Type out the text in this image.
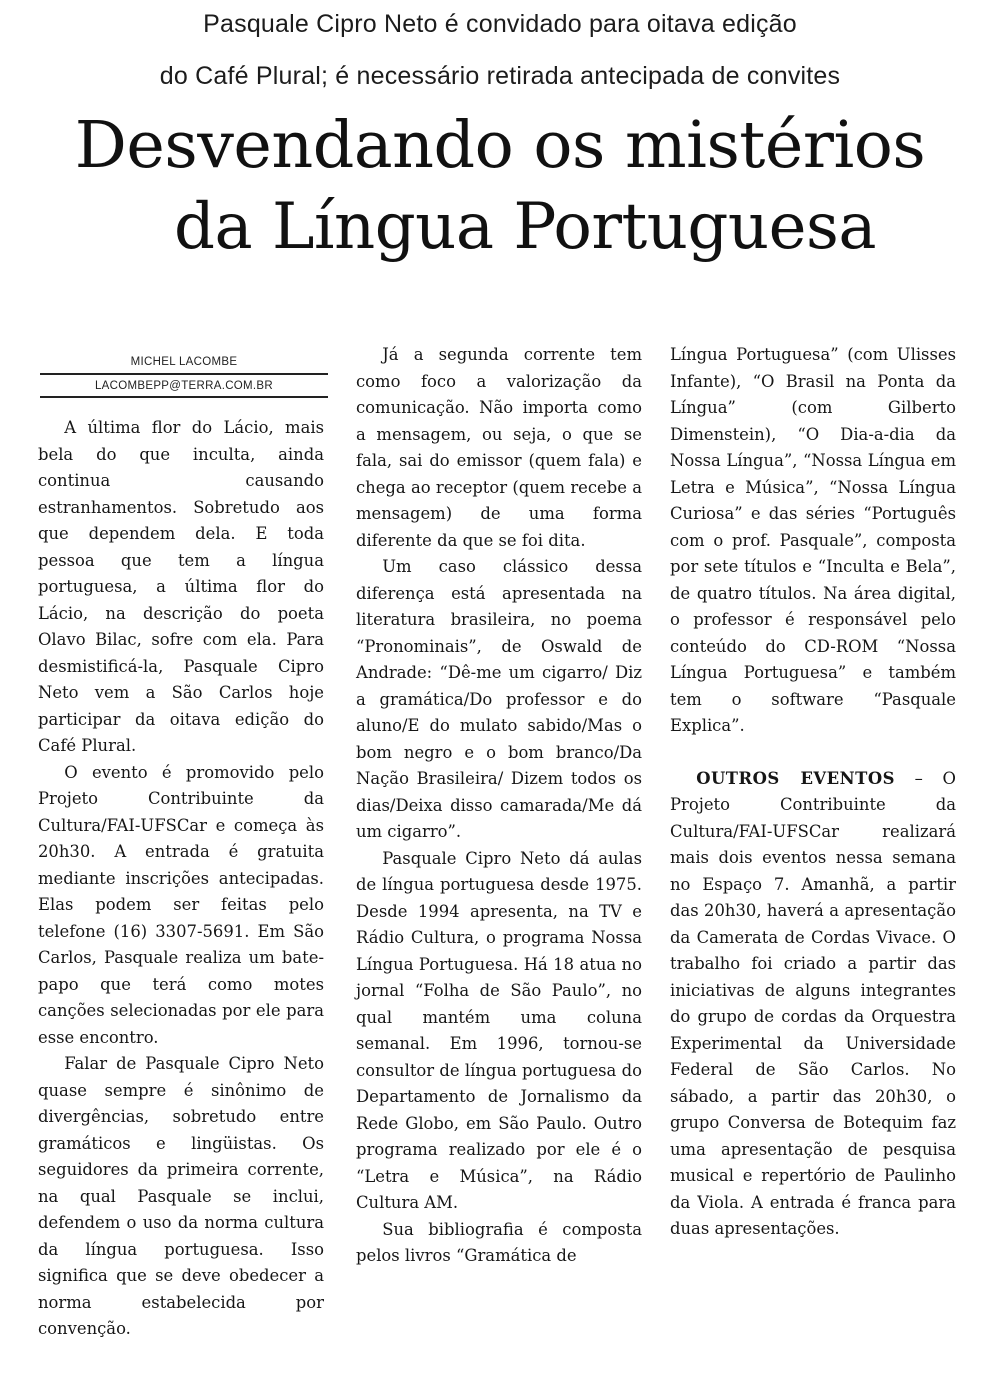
Pasquale Cipro Neto é convidado para oitava edição
do Café Plural; é necessário retirada antecipada de convites
Desvendando os mistérios
da Língua Portuguesa
MICHEL LACOMBE
LACOMBEPP@TERRA.COM.BR

A última flor do Lácio, mais bela do que inculta, ainda continua causando estranhamentos. Sobretudo aos que dependem dela. E toda pessoa que tem a língua portuguesa, a última flor do Lácio, na descrição do poeta Olavo Bilac, sofre com ela. Para desmistificá-la, Pasquale Cipro Neto vem a São Carlos hoje participar da oitava edição do Café Plural.

O evento é promovido pelo Projeto Contribuinte da Cultura/FAI-UFSCar e começa às 20h30. A entrada é gratuita mediante inscrições antecipadas. Elas podem ser feitas pelo telefone (16) 3307-5691. Em São Carlos, Pasquale realiza um bate-papo que terá como motes canções selecionadas por ele para esse encontro.

Falar de Pasquale Cipro Neto quase sempre é sinônimo de divergências, sobretudo entre gramáticos e lingüistas. Os seguidores da primeira corrente, na qual Pasquale se inclui, defendem o uso da norma cultura da língua portuguesa. Isso significa que se deve obedecer a norma estabelecida por convenção.

Já a segunda corrente tem como foco a valorização da comunicação. Não importa como a mensagem, ou seja, o que se fala, sai do emissor (quem fala) e chega ao receptor (quem recebe a mensagem) de uma forma diferente da que se foi dita.

Um caso clássico dessa diferença está apresentada na literatura brasileira, no poema “Pronominais”, de Oswald de Andrade: “Dê-me um cigarro/ Diz a gramática/Do professor e do aluno/E do mulato sabido/Mas o bom negro e o bom branco/Da Nação Brasileira/ Dizem todos os dias/Deixa disso camarada/Me dá um cigarro”.

Pasquale Cipro Neto dá aulas de língua portuguesa desde 1975. Desde 1994 apresenta, na TV e Rádio Cultura, o programa Nossa Língua Portuguesa. Há 18 atua no jornal “Folha de São Paulo”, no qual mantém uma coluna semanal. Em 1996, tornou-se consultor de língua portuguesa do Departamento de Jornalismo da Rede Globo, em São Paulo. Outro programa realizado por ele é o “Letra e Música”, na Rádio Cultura AM.

Sua bibliografia é composta pelos livros “Gramática de

Língua Portuguesa” (com Ulisses Infante), “O Brasil na Ponta da Língua” (com Gilberto Dimenstein), “O Dia-a-dia da Nossa Língua”, “Nossa Língua em Letra e Música”, “Nossa Língua Curiosa” e das séries “Português com o prof. Pasquale”, composta por sete títulos e “Inculta e Bela”, de quatro títulos. Na área digital, o professor é responsável pelo conteúdo do CD-ROM “Nossa Língua Portuguesa” e também tem o software “Pasquale Explica”.

OUTROS EVENTOS – O Projeto Contribuinte da Cultura/FAI-UFSCar realizará mais dois eventos nessa semana no Espaço 7. Amanhã, a partir das 20h30, haverá a apresentação da Camerata de Cordas Vivace. O trabalho foi criado a partir das iniciativas de alguns integrantes do grupo de cordas da Orquestra Experimental da Universidade Federal de São Carlos. No sábado, a partir das 20h30, o grupo Conversa de Botequim faz uma apresentação de pesquisa musical e repertório de Paulinho da Viola. A entrada é franca para duas apresentações.
